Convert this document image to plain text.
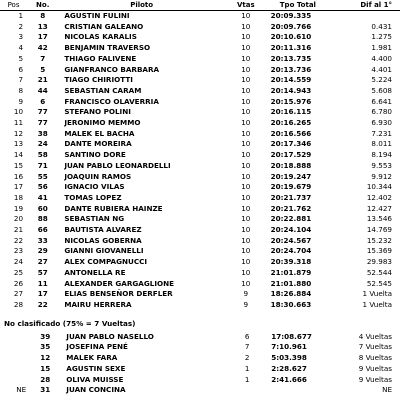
Pos	No.	Piloto	Vtas	Tpo Total	Dif al 1°
1	8	AGUSTIN FULINI	10	20:09.335	
2	13	CRISTIAN GALEANO	10	20:09.766	0.431
3	17	NICOLAS KARALIS	10	20:10.610	1.275
4	42	BENJAMIN TRAVERSO	10	20:11.316	1.981
5	7	THIAGO FALIVENE	10	20:13.735	4.400
6	5	GIANFRANCO BARBARA	10	20:13.736	4.401
7	21	TIAGO CHIRIOTTI	10	20:14.559	5.224
8	44	SEBASTIAN CARAM	10	20:14.943	5.608
9	6	FRANCISCO OLAVERRIA	10	20:15.976	6.641
10	77	STEFANO POLINI	10	20:16.115	6.780
11	77	JERONIMO MEMMO	10	20:16.265	6.930
12	38	MALEK EL BACHA	10	20:16.566	7.231
13	24	DANTE MOREIRA	10	20:17.346	8.011
14	58	SANTINO DORE	10	20:17.529	8.194
15	71	JUAN PABLO LEONARDELLI	10	20:18.888	9.553
16	55	JOAQUIN RAMOS	10	20:19.247	9.912
17	56	IGNACIO VILAS	10	20:19.679	10.344
18	41	TOMAS LOPEZ	10	20:21.737	12.402
19	60	DANTE RUBIERA HAINZE	10	20:21.762	12.427
20	88	SEBASTIAN NG	10	20:22.881	13.546
21	66	BAUTISTA ALVAREZ	10	20:24.104	14.769
22	33	NICOLAS GOBERNA	10	20:24.567	15.232
23	29	GIANNI GIOVANELLI	10	20:24.704	15.369
24	27	ALEX COMPAGNUCCI	10	20:39.318	29.983
25	57	ANTONELLA RE	10	21:01.879	52.544
26	11	ALEXANDER GARGAGLIONE	10	21:01.880	52.545
27	17	ELIAS BENSEÑOR DERFLER	9	18:26.884	1 Vuelta
28	22	MAIRU HERRERA	9	18:30.663	1 Vuelta
No clasificado (75% = 7 Vueltas)
	39	JUAN PABLO NASELLO	6	17:08.677	4 Vueltas
	35	JOSEFINA PENÉ	7	7:10.961	7 Vueltas
	12	MALEK FARA	2	5:03.398	8 Vueltas
	15	AGUSTIN SEXE	1	2:28.627	9 Vueltas
	28	OLIVA MUISSE	1	2:41.666	9 Vueltas
NE	31	JUAN CONCINA			NE
